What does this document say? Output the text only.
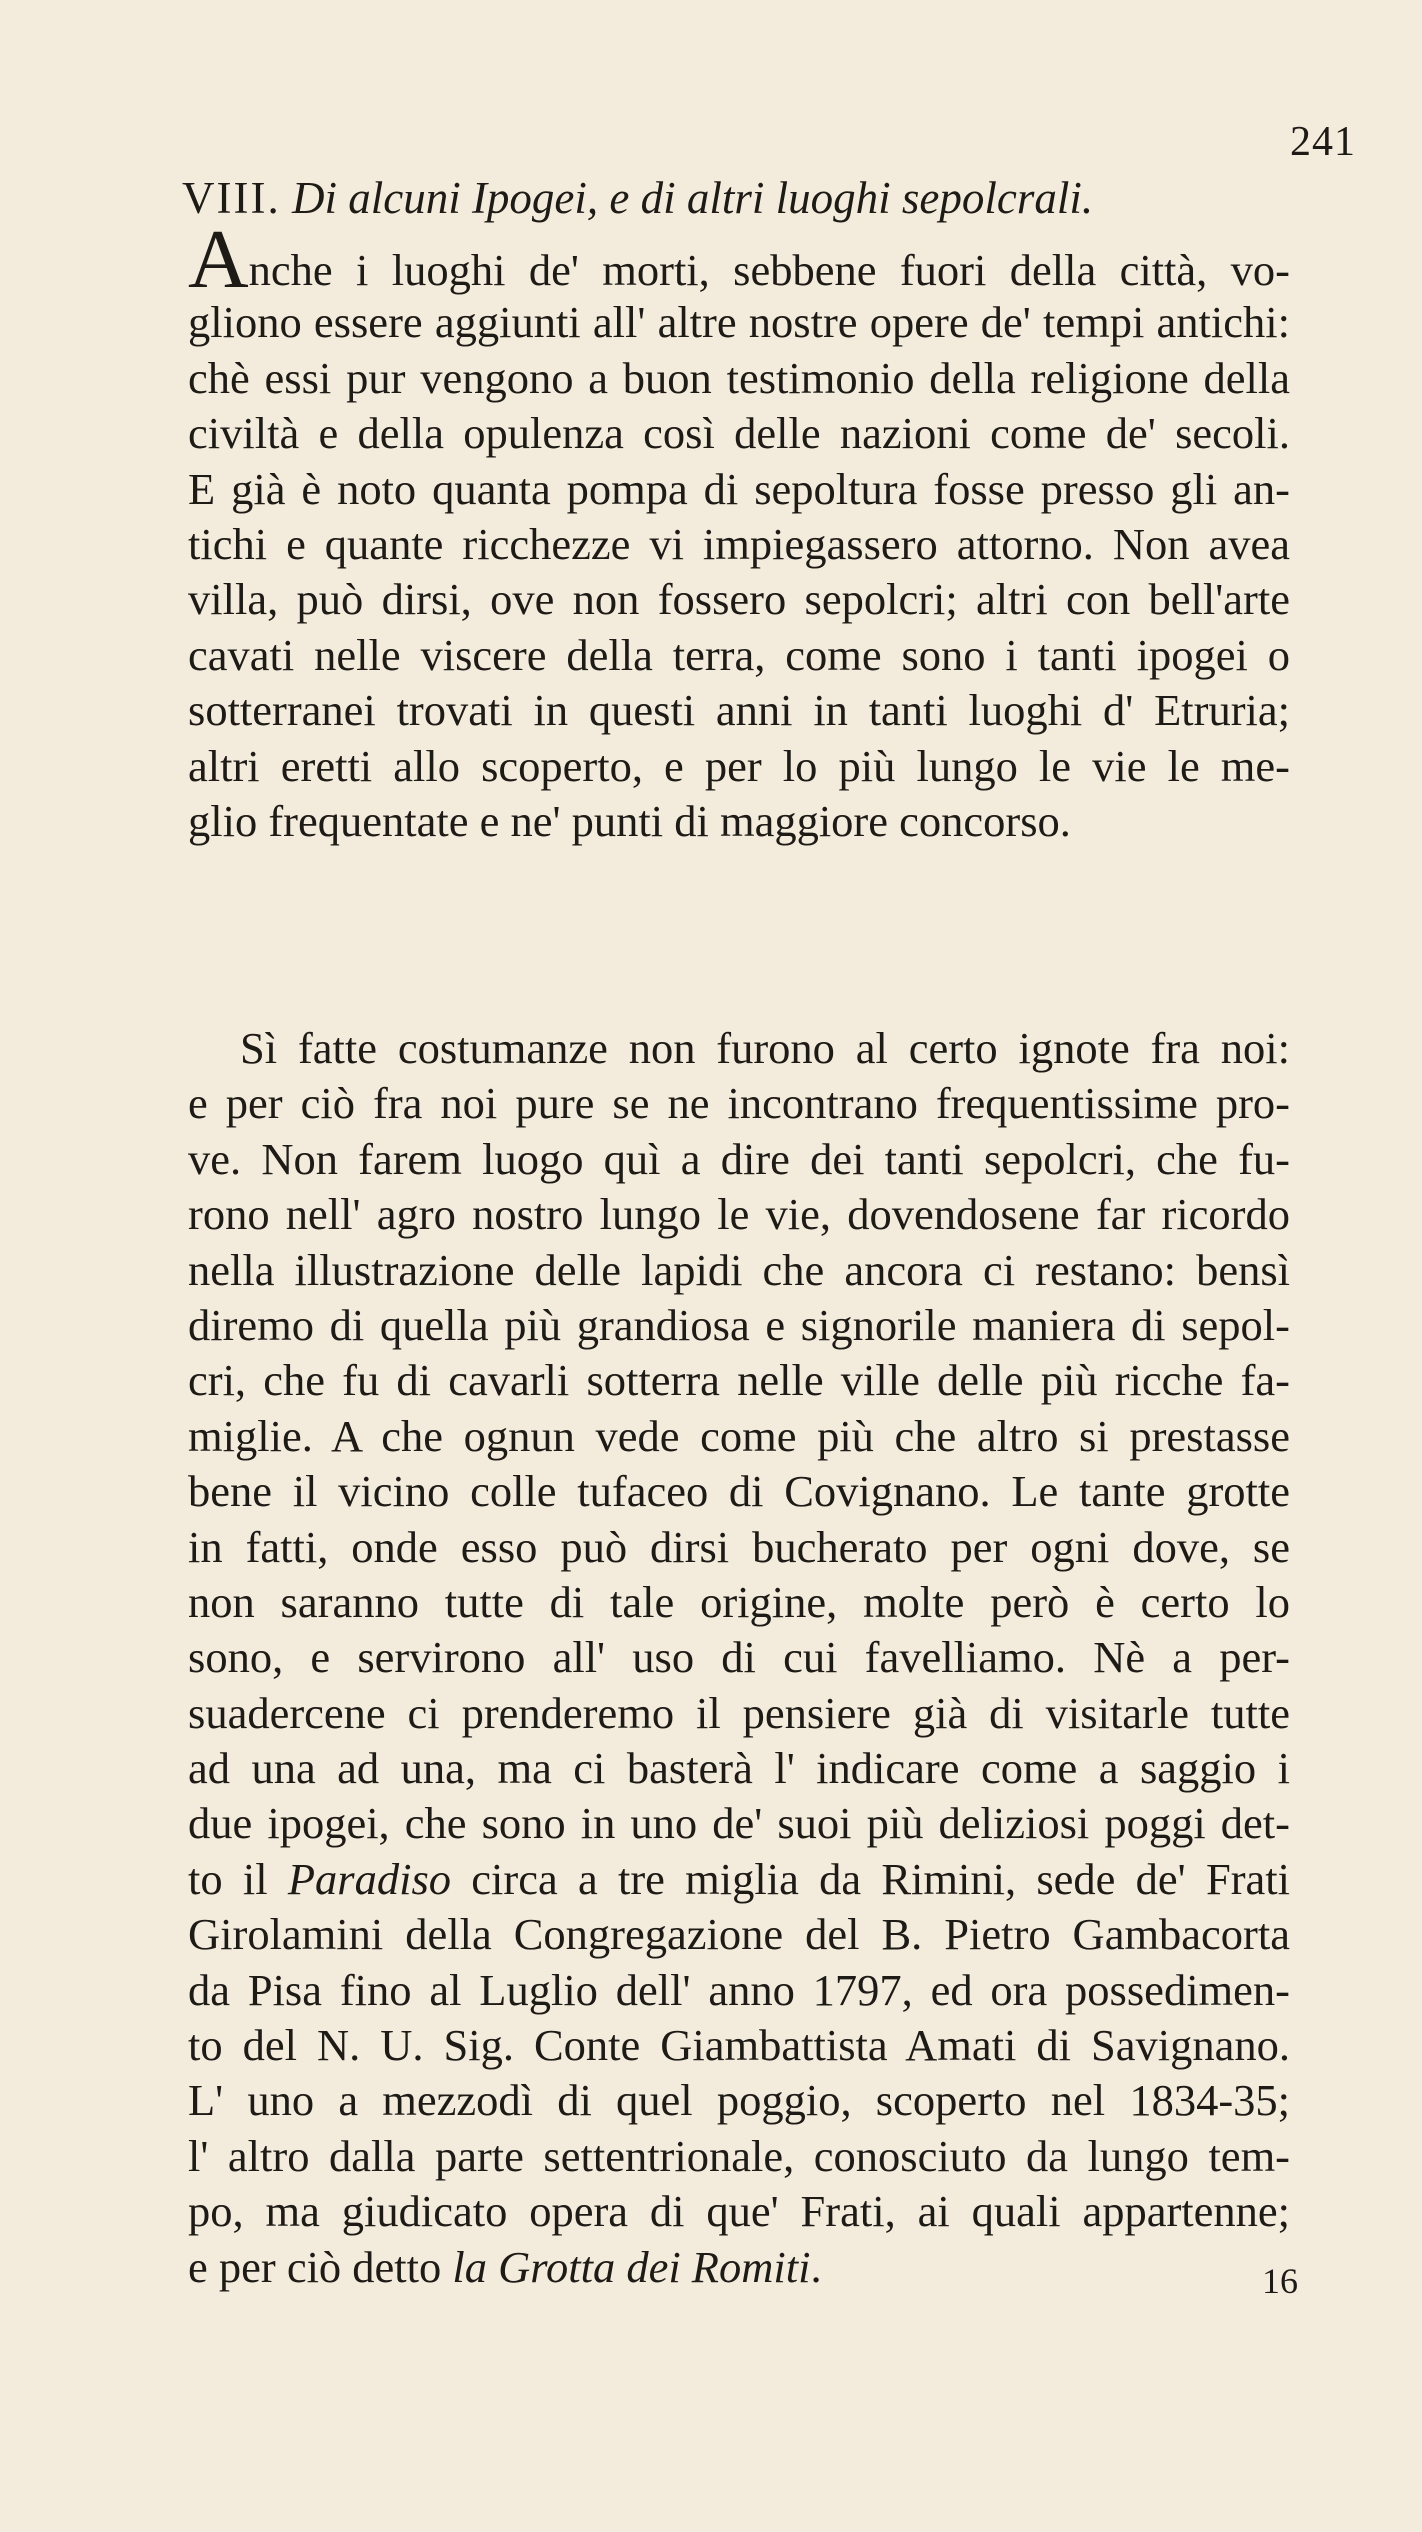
241
VIII. Di alcuni Ipogei, e di altri luoghi sepolcrali.
Anche i luoghi de' morti, sebbene fuori della città, vo-
gliono essere aggiunti all' altre nostre opere de' tempi antichi:
chè essi pur vengono a buon testimonio della religione della
civiltà e della opulenza così delle nazioni come de' secoli.
E già è noto quanta pompa di sepoltura fosse presso gli an-
tichi e quante ricchezze vi impiegassero attorno. Non avea
villa, può dirsi, ove non fossero sepolcri; altri con bell'arte
cavati nelle viscere della terra, come sono i tanti ipogei o
sotterranei trovati in questi anni in tanti luoghi d' Etruria;
altri eretti allo scoperto, e per lo più lungo le vie le me-
glio frequentate e ne' punti di maggiore concorso.
Sì fatte costumanze non furono al certo ignote fra noi:
e per ciò fra noi pure se ne incontrano frequentissime pro-
ve. Non farem luogo quì a dire dei tanti sepolcri, che fu-
rono nell' agro nostro lungo le vie, dovendosene far ricordo
nella illustrazione delle lapidi che ancora ci restano: bensì
diremo di quella più grandiosa e signorile maniera di sepol-
cri, che fu di cavarli sotterra nelle ville delle più ricche fa-
miglie. A che ognun vede come più che altro si prestasse
bene il vicino colle tufaceo di Covignano. Le tante grotte
in fatti, onde esso può dirsi bucherato per ogni dove, se
non saranno tutte di tale origine, molte però è certo lo
sono, e servirono all' uso di cui favelliamo. Nè a per-
suadercene ci prenderemo il pensiere già di visitarle tutte
ad una ad una, ma ci basterà l' indicare come a saggio i
due ipogei, che sono in uno de' suoi più deliziosi poggi det-
to il Paradiso circa a tre miglia da Rimini, sede de' Frati
Girolamini della Congregazione del B. Pietro Gambacorta
da Pisa fino al Luglio dell' anno 1797, ed ora possedimen-
to del N. U. Sig. Conte Giambattista Amati di Savignano.
L' uno a mezzodì di quel poggio, scoperto nel 1834-35;
l' altro dalla parte settentrionale, conosciuto da lungo tem-
po, ma giudicato opera di que' Frati, ai quali appartenne;
e per ciò detto la Grotta dei Romiti.	16
